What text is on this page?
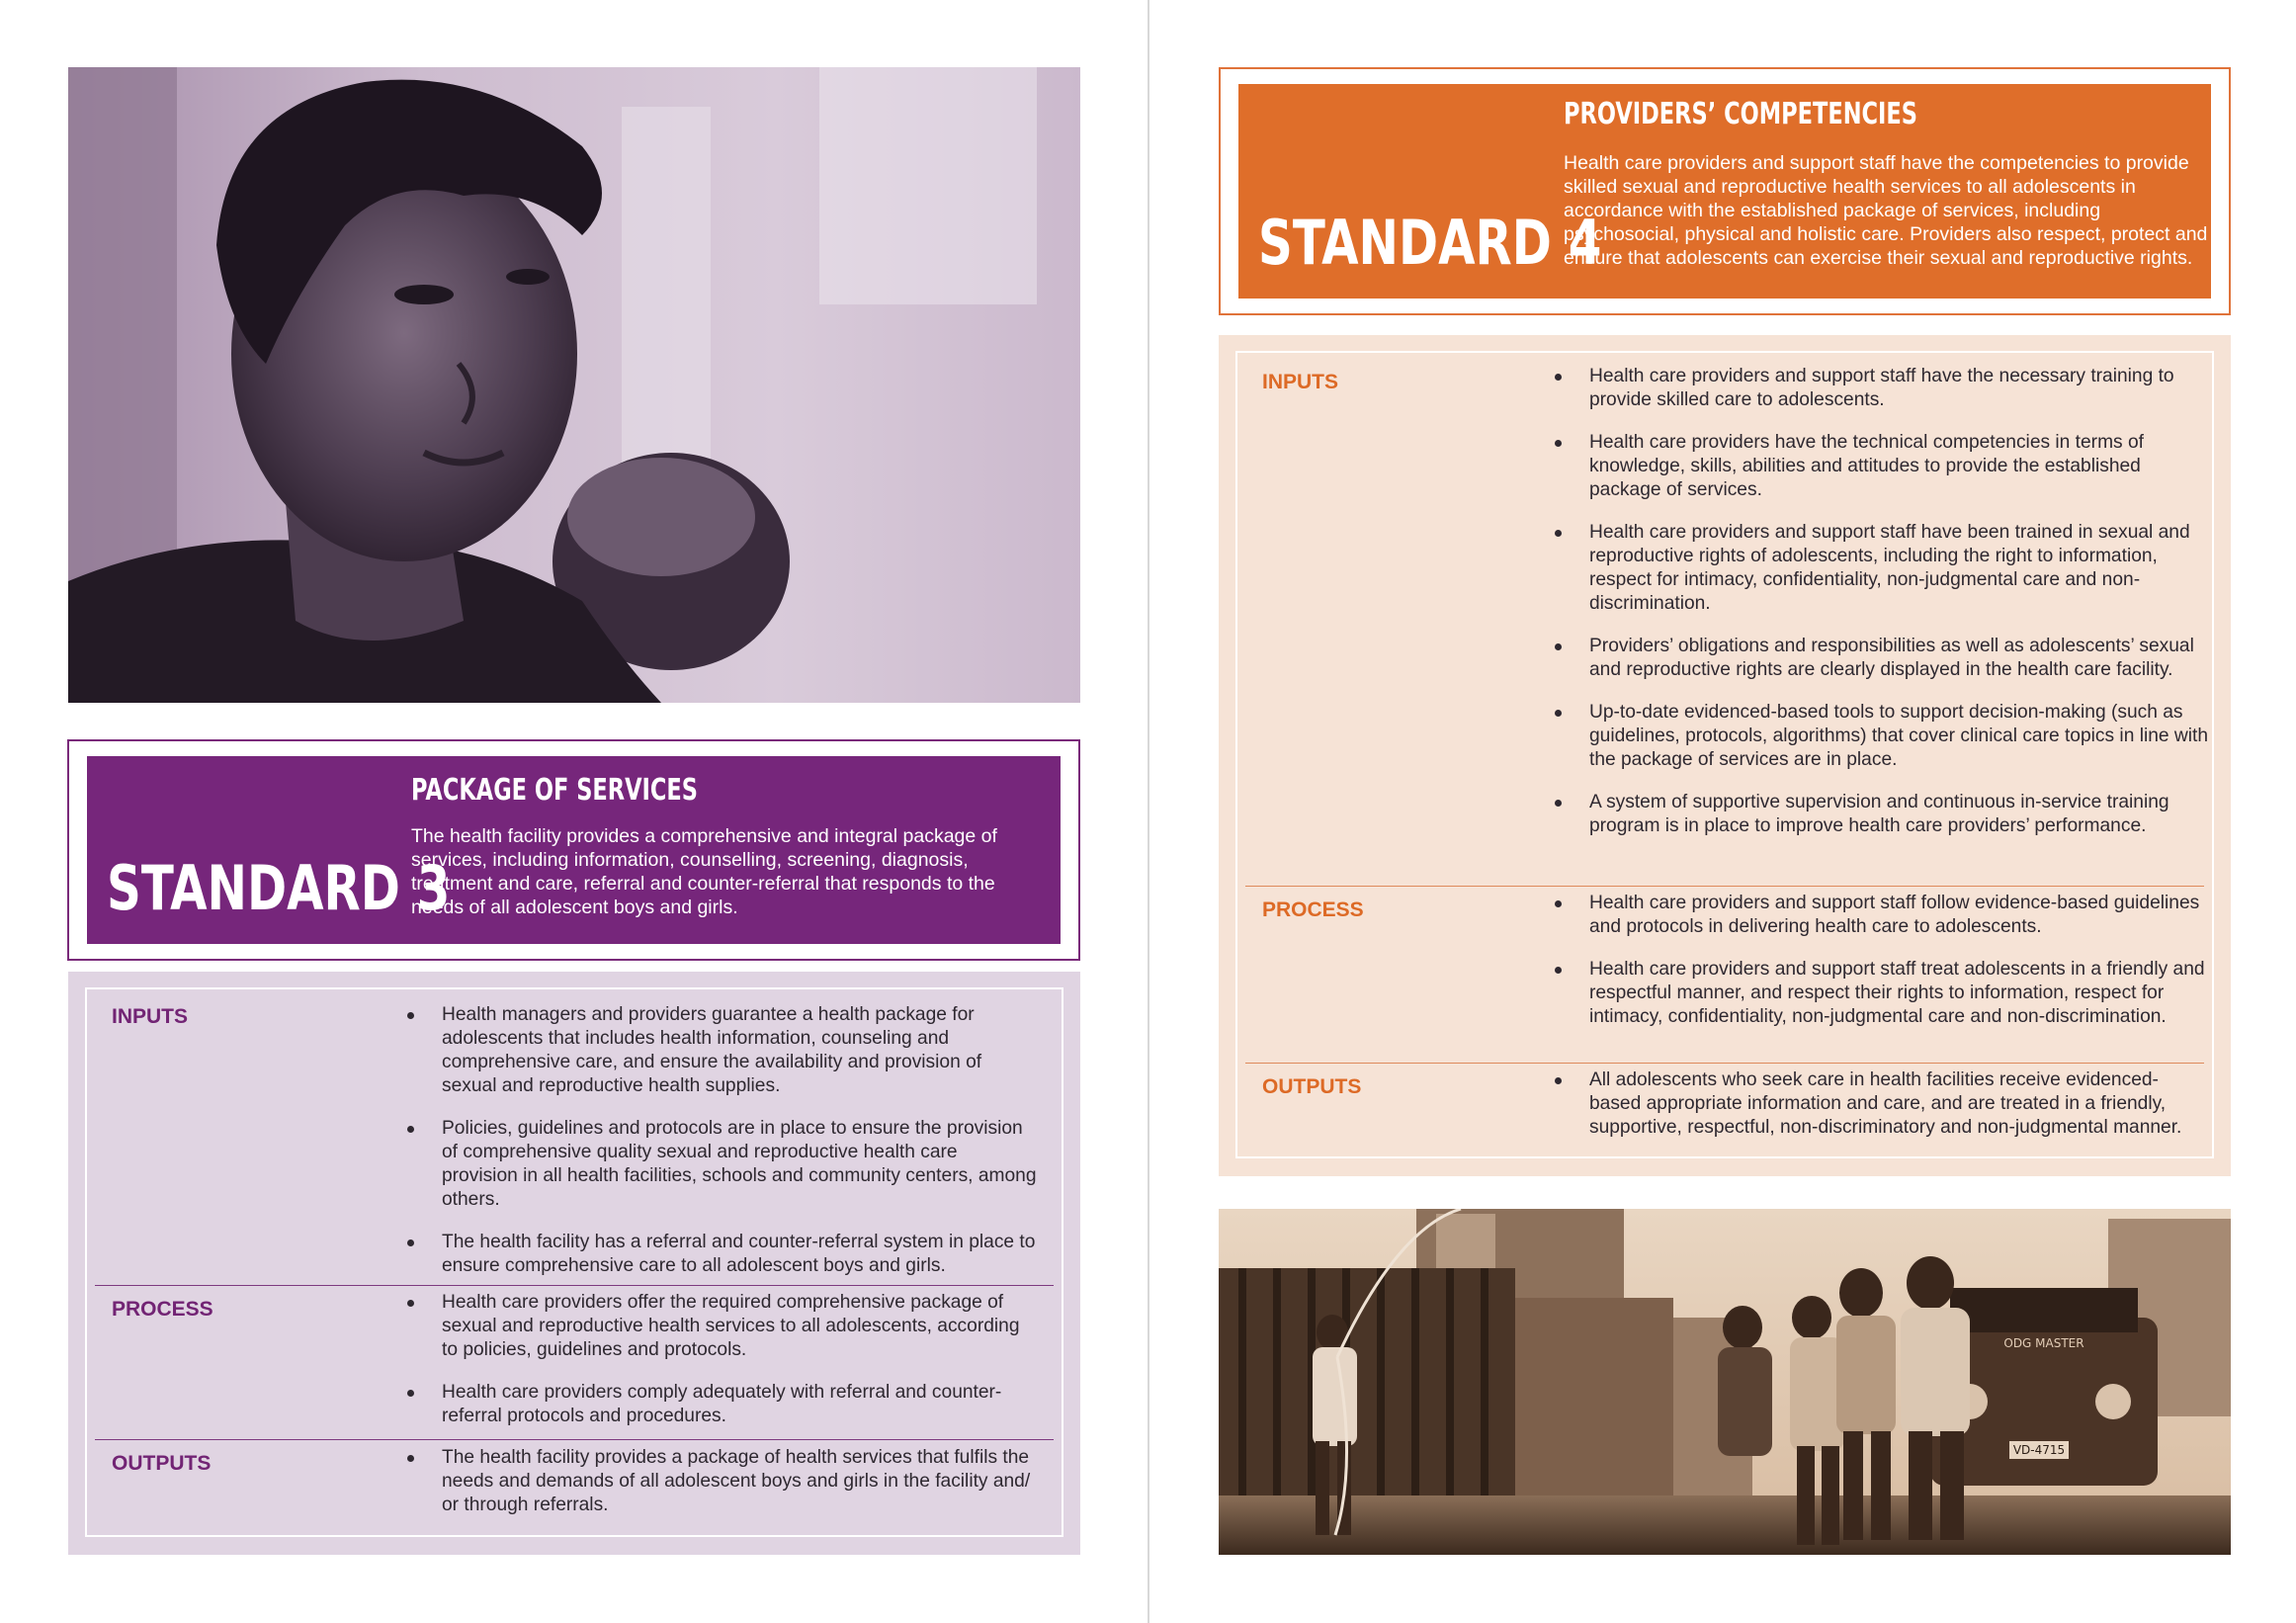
STANDARD 3
PACKAGE OF SERVICES
The health facility provides a comprehensive and integral package of services, including information, counselling, screening, diagnosis, treatment and care, referral and counter-referral that responds to the needs of all adolescent boys and girls.
INPUTS	Health managers and providers guarantee a health package for adolescents that includes health information, counseling and comprehensive care, and ensure the availability and provision of sexual and reproductive health supplies.
Policies, guidelines and protocols are in place to ensure the provision of comprehensive quality sexual and reproductive health care provision in all health facilities, schools and community centers, among others.
The health facility has a referral and counter-referral system in place to ensure comprehensive care to all adolescent boys and girls.
PROCESS	Health care providers offer the required comprehensive package of sexual and reproductive health services to all adolescents, according to policies, guidelines and protocols.
Health care providers comply adequately with referral and counter-referral protocols and procedures.
OUTPUTS	The health facility provides a package of health services that fulfils the needs and demands of all adolescent boys and girls in the facility and/ or through referrals.
STANDARD 4
PROVIDERS’ COMPETENCIES
Health care providers and support staff have the competencies to provide skilled sexual and reproductive health services to all adolescents in accordance with the established package of services, including psychosocial, physical and holistic care. Providers also respect, protect and ensure that adolescents can exercise their sexual and reproductive rights.
INPUTS	Health care providers and support staff have the necessary training to provide skilled care to adolescents.
Health care providers have the technical competencies in terms of knowledge, skills, abilities and attitudes to provide the established package of services.
Health care providers and support staff have been trained in sexual and reproductive rights of adolescents, including the right to information, respect for intimacy, confidentiality, non-judgmental care and non-discrimination.
Providers’ obligations and responsibilities as well as adolescents’ sexual and reproductive rights are clearly displayed in the health care facility.
Up-to-date evidenced-based tools to support decision-making (such as guidelines, protocols, algorithms) that cover clinical care topics in line with the package of services are in place.
A system of supportive supervision and continuous in-service training program is in place to improve health care providers’ performance.
PROCESS	Health care providers and support staff follow evidence-based guidelines and protocols in delivering health care to adolescents.
Health care providers and support staff treat adolescents in a friendly and respectful manner, and respect their rights to information, respect for intimacy, confidentiality, non-judgmental care and non-discrimination.
OUTPUTS	All adolescents who seek care in health facilities receive evidenced-based appropriate information and care, and are treated in a friendly, supportive, respectful, non-discriminatory and non-judgmental manner.
VD-4715
ODG MASTER
